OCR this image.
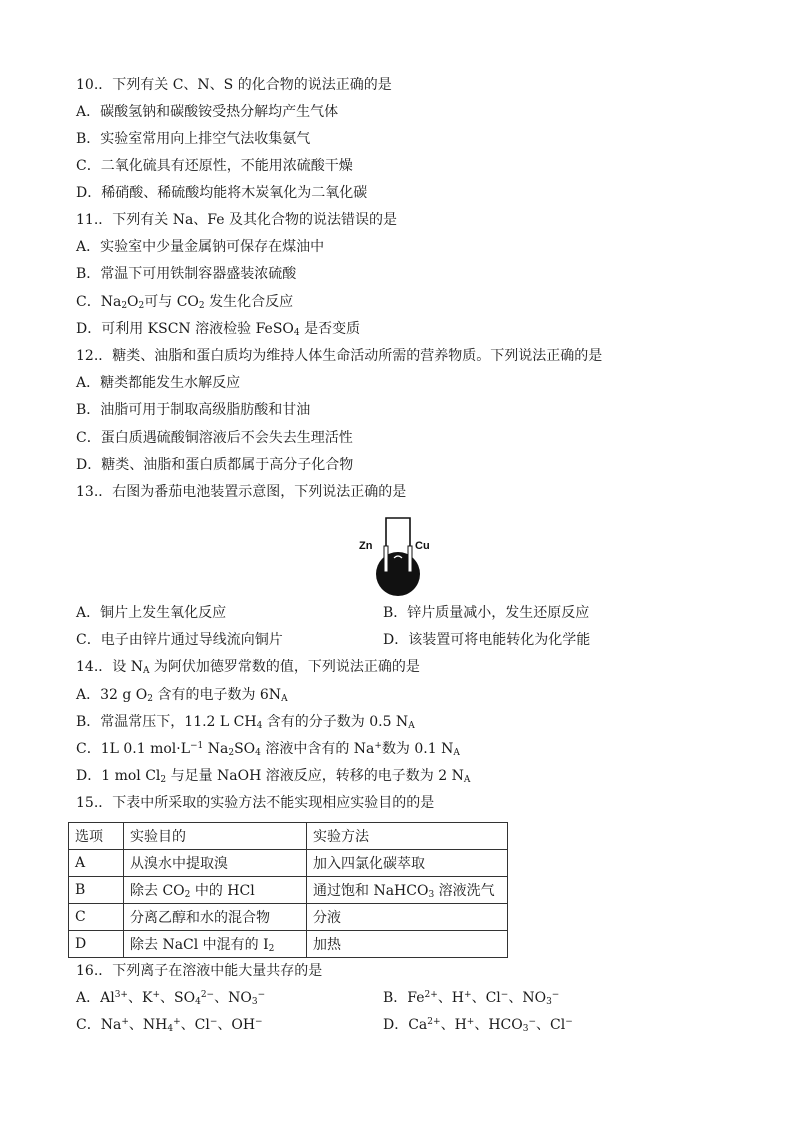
10.．下列有关 C、N、S 的化合物的说法正确的是
A．碳酸氢钠和碳酸铵受热分解均产生气体
B．实验室常用向上排空气法收集氨气
C．二氧化硫具有还原性，不能用浓硫酸干燥
D．稀硝酸、稀硫酸均能将木炭氧化为二氧化碳
11.．下列有关 Na、Fe 及其化合物的说法错误的是
A．实验室中少量金属钠可保存在煤油中
B．常温下可用铁制容器盛装浓硫酸
C．$Na_2O_2$可与 $CO_2$ 发生化合反应
D．可利用 KSCN 溶液检验 FeSO$_4$ 是否变质
12.．糖类、油脂和蛋白质均为维持人体生命活动所需的营养物质。下列说法正确的是
A．糖类都能发生水解反应
B．油脂可用于制取高级脂肪酸和甘油
C．蛋白质遇硫酸铜溶液后不会失去生理活性
D．糖类、油脂和蛋白质都属于高分子化合物
13.．右图为番茄电池装置示意图，下列说法正确的是
Zn	Cu
A．铜片上发生氧化反应	B．锌片质量减小，发生还原反应
C．电子由锌片通过导线流向铜片	D．该装置可将电能转化为化学能
14.．设 $N_A$ 为阿伏加德罗常数的值，下列说法正确的是
A．32 g $O_2$ 含有的电子数为 $6N_A$
B．常温常压下，11.2 L $CH_4$ 含有的分子数为 0.5 $N_A$
C．1L 0.1 $mol\cdot L^{-1}$ $Na_2SO_4$ 溶液中含有的 Na+数为 0.1 $N_A$
D．1 mol $Cl_2$ 与足量 NaOH 溶液反应，转移的电子数为 2 $N_A$
15.．下表中所采取的实验方法不能实现相应实验目的的是
选项	实验目的	实验方法
A	从溴水中提取溴	加入四氯化碳萃取
B	除去 $CO_2$ 中的 HCl	通过饱和 NaHCO$_3$ 溶液洗气
C	分离乙醇和水的混合物	分液
D	除去 NaCl 中混有的 $I_2$	加热
16.．下列离子在溶液中能大量共存的是
A．$Al^{3+}$、K+、$SO_4^{2-}$、$NO_3^-$	B．$Fe^{2+}$、H+、Cl−、$NO_3^-$
C．Na+、$NH_4^+$、Cl−、OH−	D．$Ca^{2+}$、H+、$HCO_3^-$、Cl−
